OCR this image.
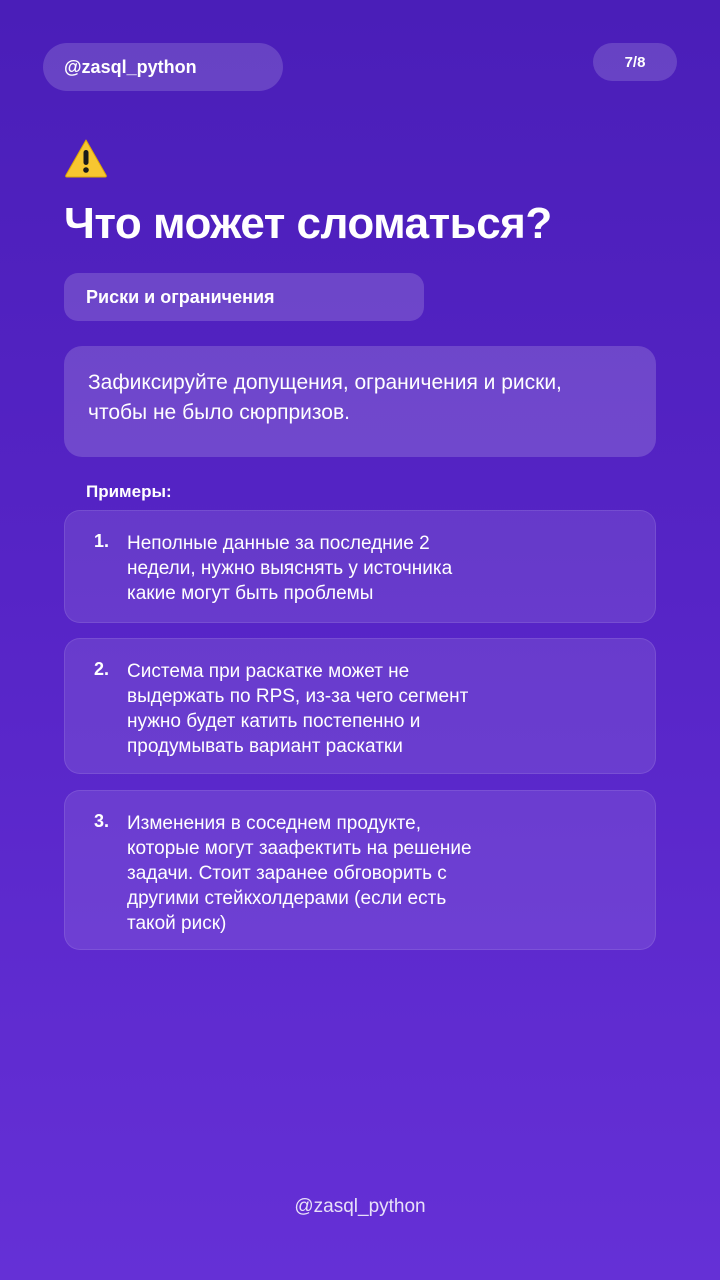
@zasql_python	7/8
Что может сломаться?
Риски и ограничения
Зафиксируйте допущения, ограничения и риски,
чтобы не было сюрпризов.
Примеры:
1. Неполные данные за последние 2
недели, нужно выяснять у источника
какие могут быть проблемы
2. Система при раскатке может не
выдержать по RPS, из-за чего сегмент
нужно будет катить постепенно и
продумывать вариант раскатки
3. Изменения в соседнем продукте,
которые могут заафектить на решение
задачи. Стоит заранее обговорить с
другими стейкхолдерами (если есть
такой риск)
@zasql_python
